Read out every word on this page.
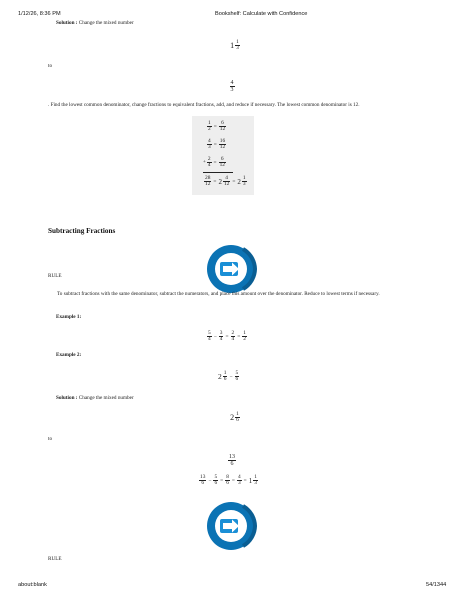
1/12/26, 8:36 PM	Bookshelf: Calculate with Confidence
Solution : Change the mixed number
$1 \frac{1}{3}$
to
$\frac{4}{3}$
. Find the lowest common denominator, change fractions to equivalent fractions, add, and reduce if necessary. The lowest common denominator is 12.
$\frac{1}{2} = \frac{6}{12}$
$\frac{4}{3} = \frac{16}{12}$
+ $\frac{2}{4} = \frac{6}{12}$
$\frac{28}{12} = 2 \frac{4}{12} = 2 \frac{1}{3}$
Subtracting Fractions
RULE
To subtract fractions with the same denominator, subtract the numerators, and place this amount over the denominator. Reduce to lowest terms if necessary.
Example 1:
$\frac{5}{4} - \frac{3}{4} = \frac{2}{4} = \frac{1}{2}$
Example 2:
$2 \frac{1}{6} - \frac{5}{6}$
Solution : Change the mixed number
$2 \frac{1}{6}$
to
$\frac{13}{6}$
$\frac{13}{6} - \frac{5}{6} = \frac{8}{6} = \frac{4}{3} = 1 \frac{1}{3}$
RULE
about:blank	54/1344
